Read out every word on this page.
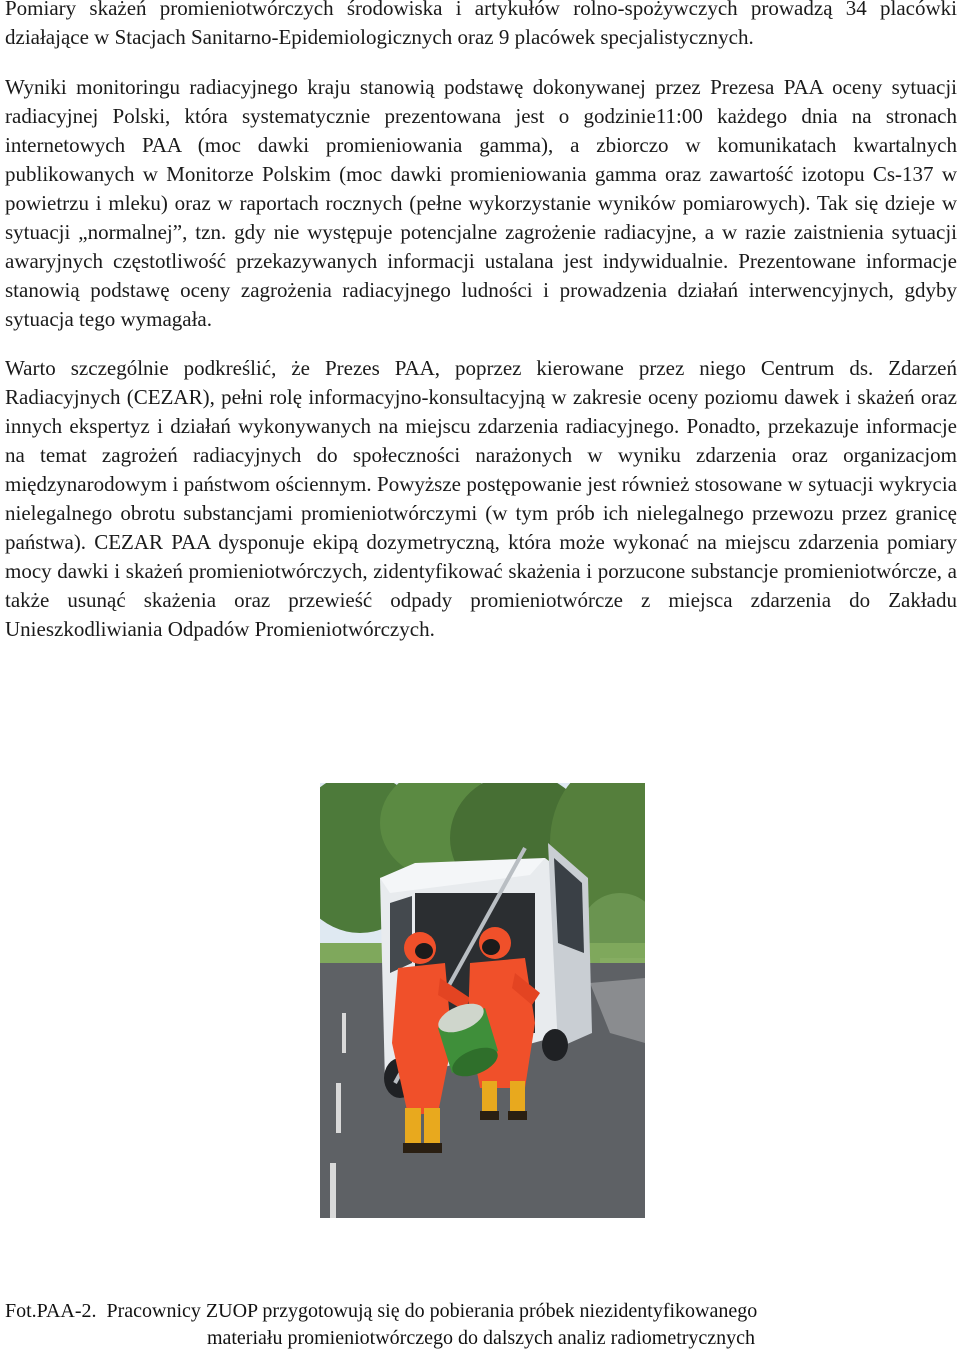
Pomiary skażeń promieniotwórczych środowiska i artykułów rolno-spożywczych prowadzą 34 placówki działające w Stacjach Sanitarno-Epidemiologicznych oraz 9 placówek specjalistycznych.

Wyniki monitoringu radiacyjnego kraju stanowią podstawę dokonywanej przez Prezesa PAA oceny sytuacji radiacyjnej Polski, która systematycznie prezentowana jest o godzinie11:00 każdego dnia na stronach internetowych PAA (moc dawki promieniowania gamma), a zbiorczo w komunikatach kwartalnych publikowanych w Monitorze Polskim (moc dawki promieniowania gamma oraz zawartość izotopu Cs-137 w powietrzu i mleku) oraz w raportach rocznych (pełne wykorzystanie wyników pomiarowych). Tak się dzieje w sytuacji „normalnej”, tzn. gdy nie występuje potencjalne zagrożenie radiacyjne, a w razie zaistnienia sytuacji awaryjnych częstotliwość przekazywanych informacji ustalana jest indywidualnie. Prezentowane informacje stanowią podstawę oceny zagrożenia radiacyjnego ludności i prowadzenia działań interwencyjnych, gdyby sytuacja tego wymagała.

Warto szczególnie podkreślić, że Prezes PAA, poprzez kierowane przez niego Centrum ds. Zdarzeń Radiacyjnych (CEZAR), pełni rolę informacyjno-konsultacyjną w zakresie oceny poziomu dawek i skażeń oraz innych ekspertyz i działań wykonywanych na miejscu zdarzenia radiacyjnego. Ponadto, przekazuje informacje na temat zagrożeń radiacyjnych do społeczności narażonych w wyniku zdarzenia oraz organizacjom międzynarodowym i państwom ościennym. Powyższe postępowanie jest również stosowane w sytuacji wykrycia nielegalnego obrotu substancjami promieniotwórczymi (w tym prób ich nielegalnego przewozu przez granicę państwa). CEZAR PAA dysponuje ekipą dozymetryczną, która może wykonać na miejscu zdarzenia pomiary mocy dawki i skażeń promieniotwórczych, zidentyfikować skażenia i porzucone substancje promieniotwórcze, a także usunąć skażenia oraz przewieść odpady promieniotwórcze z miejsca zdarzenia do Zakładu Unieszkodliwiania Odpadów Promieniotwórczych.

Fot.PAA-2. Pracownicy ZUOP przygotowują się do pobierania próbek niezidentyfikowanego
materiału promieniotwórczego do dalszych analiz radiometrycznych
